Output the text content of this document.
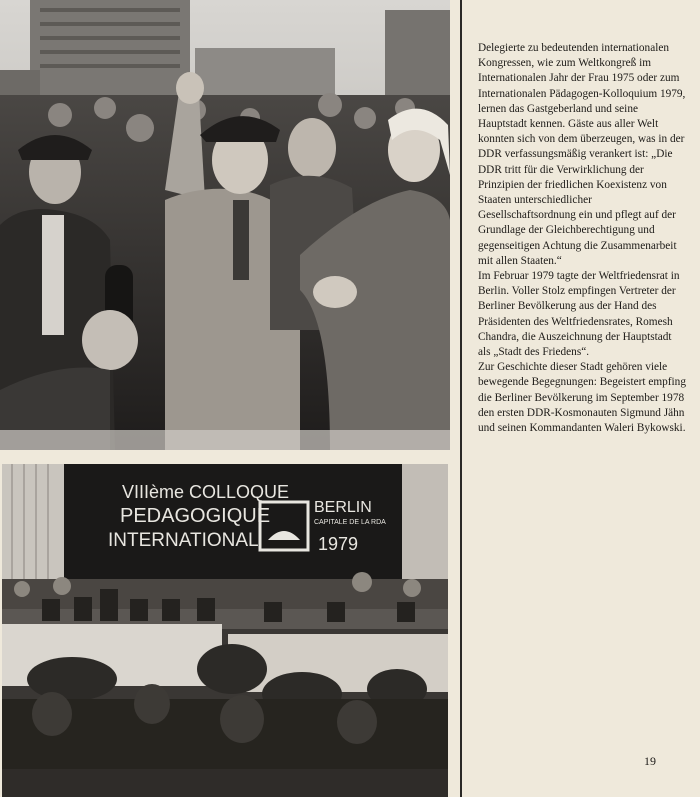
VIIIème COLLOQUE
PEDAGOGIQUE
INTERNATIONAL
BERLIN
CAPITALE DE LA RDA
1979

Delegierte zu bedeutenden internationalen Kongressen, wie zum Weltkongreß im Internationalen Jahr der Frau 1975 oder zum Internationalen Pädagogen-Kolloquium 1979, lernen das Gastgeberland und seine Hauptstadt kennen. Gäste aus aller Welt konnten sich von dem überzeugen, was in der DDR verfassungsmäßig verankert ist: „Die DDR tritt für die Verwirklichung der Prinzipien der friedlichen Koexistenz von Staaten unterschiedlicher Gesellschaftsordnung ein und pflegt auf der Grundlage der Gleichberechtigung und gegenseitigen Achtung die Zusammenarbeit mit allen Staaten.“

Im Februar 1979 tagte der Weltfriedensrat in Berlin. Voller Stolz empfingen Vertreter der Berliner Bevölkerung aus der Hand des Präsidenten des Weltfriedensrates, Romesh Chandra, die Auszeichnung der Hauptstadt als „Stadt des Friedens“.

Zur Geschichte dieser Stadt gehören viele bewegende Begegnungen: Begeistert empfing die Berliner Bevölkerung im September 1978 den ersten DDR-Kosmonauten Sigmund Jähn und seinen Kommandanten Waleri Bykowski.

19
